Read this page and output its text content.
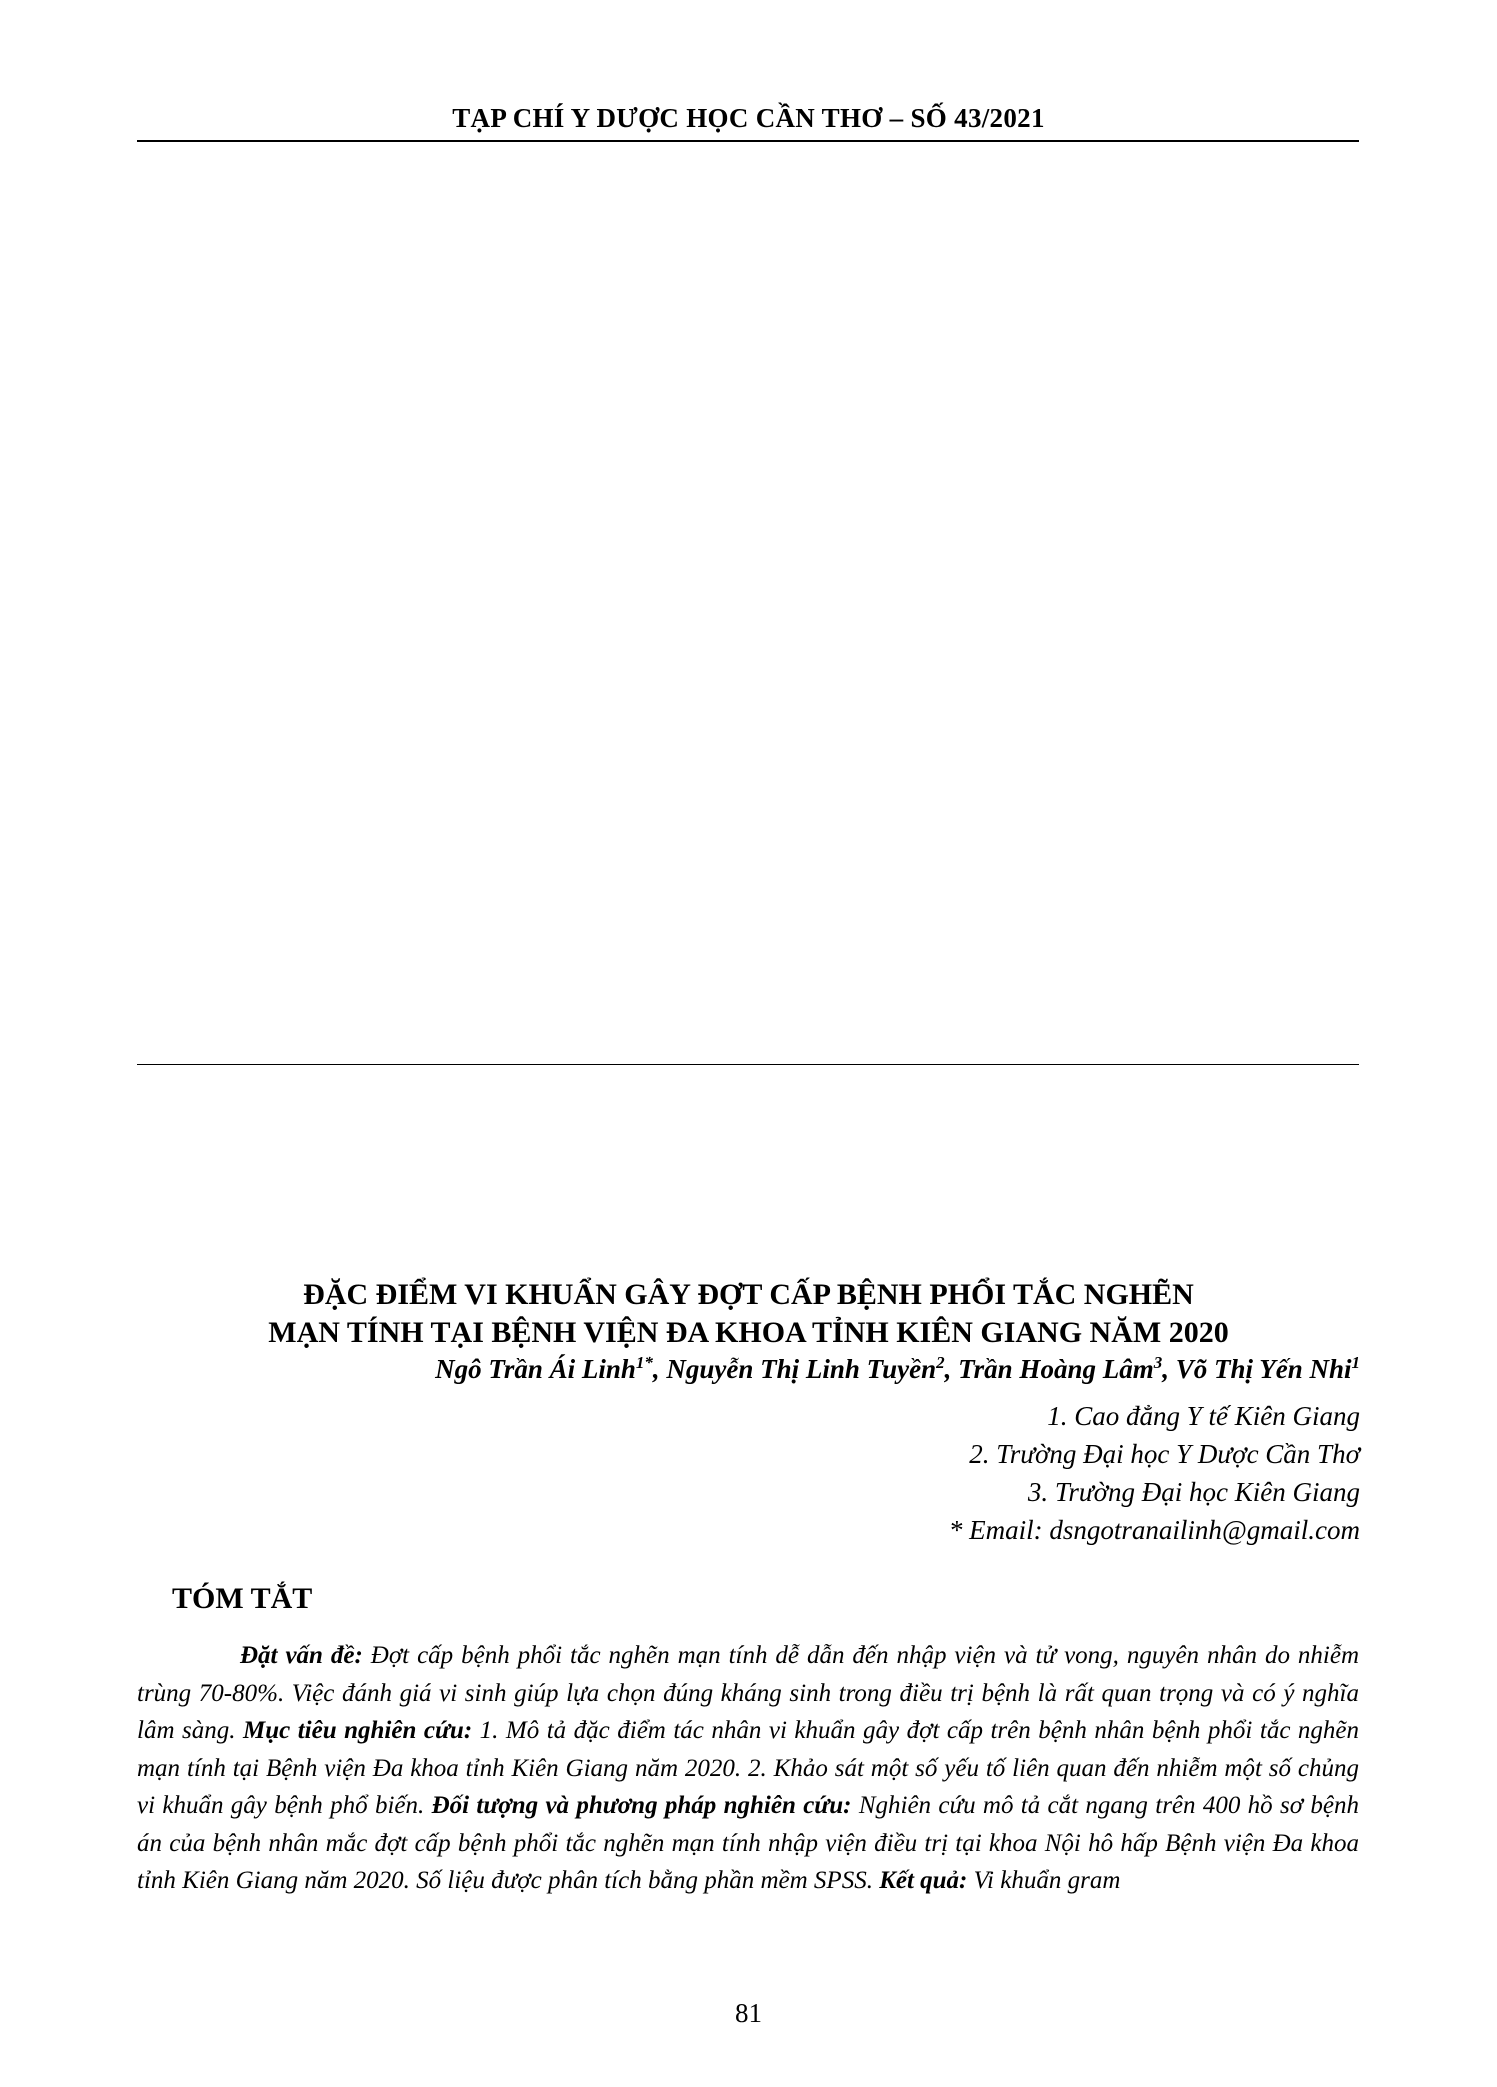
TẠP CHÍ Y DƯỢC HỌC CẦN THƠ – SỐ 43/2021
ĐẶC ĐIỂM VI KHUẨN GÂY ĐỢT CẤP BỆNH PHỔI TẮC NGHẼN
MẠN TÍNH TẠI BỆNH VIỆN ĐA KHOA TỈNH KIÊN GIANG NĂM 2020
Ngô Trần Ái Linh$^{1*}$, Nguyễn Thị Linh Tuyền$^2$, Trần Hoàng Lâm$^3$, Võ Thị Yến Nhi$^1$
1. Cao đẳng Y tế Kiên Giang
2. Trường Đại học Y Dược Cần Thơ
3. Trường Đại học Kiên Giang
* Email: dsngotranailinh@gmail.com
TÓM TẮT
Đặt vấn đề: Đợt cấp bệnh phổi tắc nghẽn mạn tính dễ dẫn đến nhập viện và tử vong, nguyên nhân do nhiễm trùng 70-80%. Việc đánh giá vi sinh giúp lựa chọn đúng kháng sinh trong điều trị bệnh là rất quan trọng và có ý nghĩa lâm sàng. Mục tiêu nghiên cứu: 1. Mô tả đặc điểm tác nhân vi khuẩn gây đợt cấp trên bệnh nhân bệnh phổi tắc nghẽn mạn tính tại Bệnh viện Đa khoa tỉnh Kiên Giang năm 2020. 2. Khảo sát một số yếu tố liên quan đến nhiễm một số chủng vi khuẩn gây bệnh phổ biến. Đối tượng và phương pháp nghiên cứu: Nghiên cứu mô tả cắt ngang trên 400 hồ sơ bệnh án của bệnh nhân mắc đợt cấp bệnh phổi tắc nghẽn mạn tính nhập viện điều trị tại khoa Nội hô hấp Bệnh viện Đa khoa tỉnh Kiên Giang năm 2020. Số liệu được phân tích bằng phần mềm SPSS. Kết quả: Vi khuẩn gram
81
